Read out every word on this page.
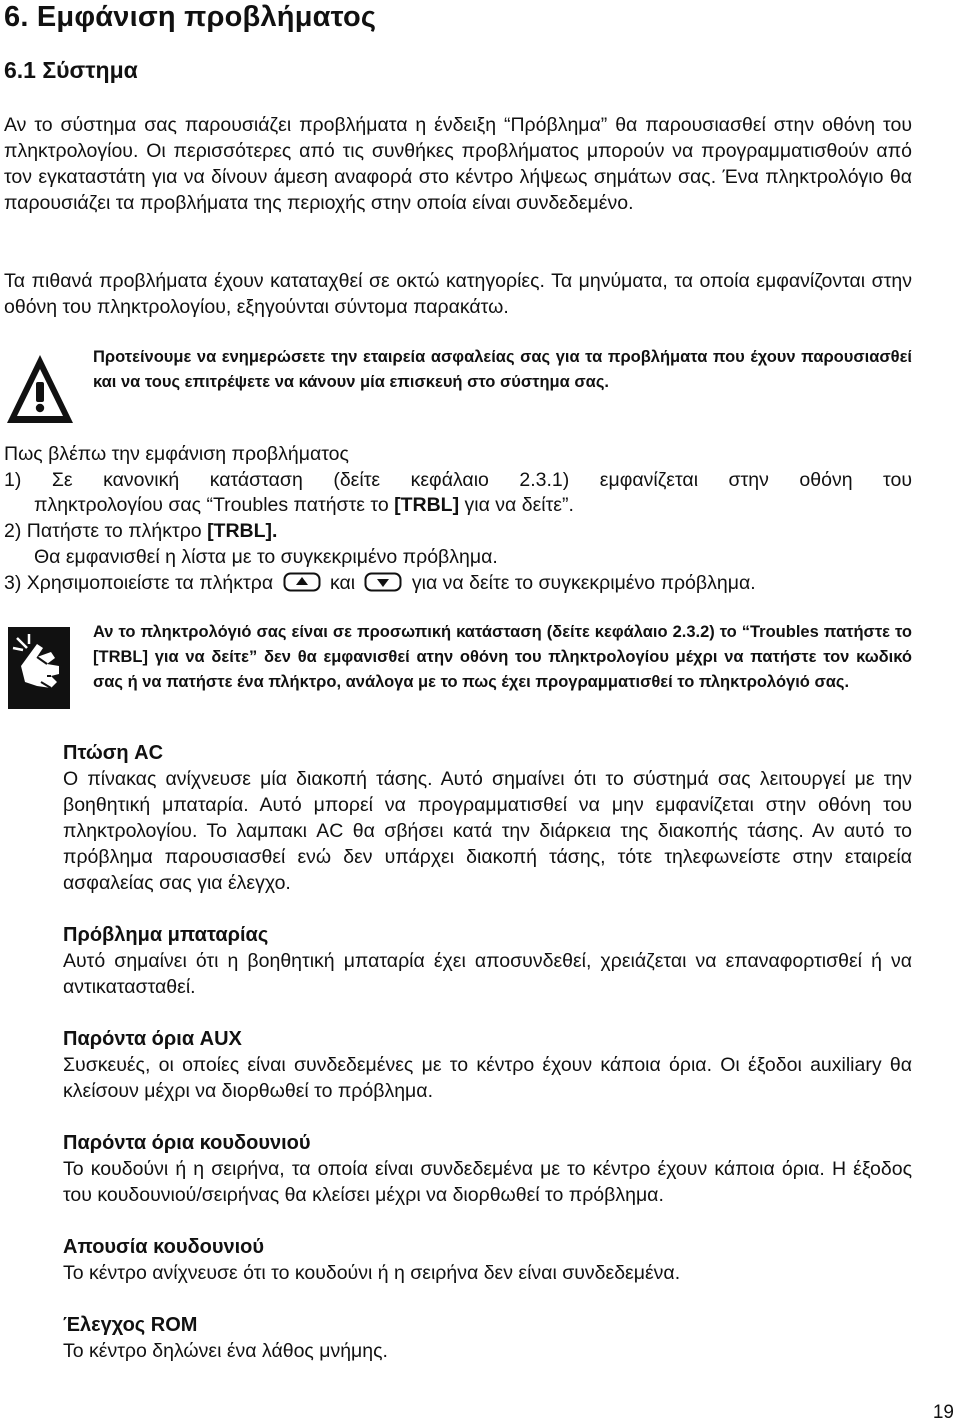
6. Εμφάνιση προβλήματος
6.1 Σύστημα
Αν το σύστημα σας παρουσιάζει προβλήματα η ένδειξη “Πρόβλημα” θα παρουσιασθεί στην οθόνη του πληκτρολογίου. Οι περισσότερες από τις συνθήκες προβλήματος μπορούν να προγραμματισθούν από τον εγκαταστάτη για να δίνουν άμεση αναφορά στο κέντρο λήψεως σημάτων σας. Ένα πληκτρολόγιο θα παρουσιάζει τα προβλήματα της περιοχής στην οποία είναι συνδεδεμένο.
Τα πιθανά προβλήματα έχουν καταταχθεί σε οκτώ κατηγορίες. Τα μηνύματα, τα οποία εμφανίζονται στην οθόνη του πληκτρολογίου, εξηγούνται σύντομα παρακάτω.
Προτείνουμε να ενημερώσετε την εταιρεία ασφαλείας σας για τα προβλήματα που έχουν παρουσιασθεί και να τους επιτρέψετε να κάνουν μία επισκευή στο σύστημα σας.
Πως βλέπω την εμφάνιση προβλήματος
1) Σε κανονική κατάσταση (δείτε κεφάλαιο 2.3.1) εμφανίζεται στην οθόνη του
πληκτρολογίου σας “Troubles πατήστε το [TRBL] για να δείτε”.
2) Πατήστε το πλήκτρο [TRBL].
Θα εμφανισθεί η λίστα με το συγκεκριμένο πρόβλημα.
3) Χρησιμοποιείστε τα πλήκτρα	και	για να δείτε το συγκεκριμένο πρόβλημα.
Αν το πληκτρολόγιό σας είναι σε προσωπική κατάσταση (δείτε κεφάλαιο 2.3.2) το “Troubles πατήστε το [TRBL] για να δείτε” δεν θα εμφανισθεί ατην οθόνη του πληκτρολογίου μέχρι να πατήστε τον κωδικό σας ή να πατήστε ένα πλήκτρο, ανάλογα με το πως έχει προγραμματισθεί το πληκτρολόγιό σας.
Πτώση AC
Ο πίνακας ανίχνευσε μία διακοπή τάσης. Αυτό σημαίνει ότι το σύστημά σας λειτουργεί με την βοηθητική μπαταρία. Αυτό μπορεί να προγραμματισθεί να μην εμφανίζεται στην οθόνη του πληκτρολογίου. Το λαμπακι AC θα σβήσει κατά την διάρκεια της διακοπής τάσης. Αν αυτό το πρόβλημα παρουσιασθεί ενώ δεν υπάρχει διακοπή τάσης, τότε τηλεφωνείστε στην εταιρεία ασφαλείας σας για έλεγχο.
Πρόβλημα μπαταρίας
Αυτό σημαίνει ότι η βοηθητική μπαταρία έχει αποσυνδεθεί, χρειάζεται να επαναφορτισθεί ή να αντικατασταθεί.
Παρόντα όρια AUX
Συσκευές, οι οποίες είναι συνδεδεμένες με το κέντρο έχουν κάποια όρια. Οι έξοδοι auxiliary θα κλείσουν μέχρι να διορθωθεί το πρόβλημα.
Παρόντα όρια κουδουνιού
Το κουδούνι ή η σειρήνα, τα οποία είναι συνδεδεμένα με το κέντρο έχουν κάποια όρια. Η έξοδος του κουδουνιού/σειρήνας θα κλείσει μέχρι να διορθωθεί το πρόβλημα.
Απουσία κουδουνιού
Το κέντρο ανίχνευσε ότι το κουδούνι ή η σειρήνα δεν είναι συνδεδεμένα.
Έλεγχος ROM
Το κέντρο δηλώνει ένα λάθος μνήμης.
19
